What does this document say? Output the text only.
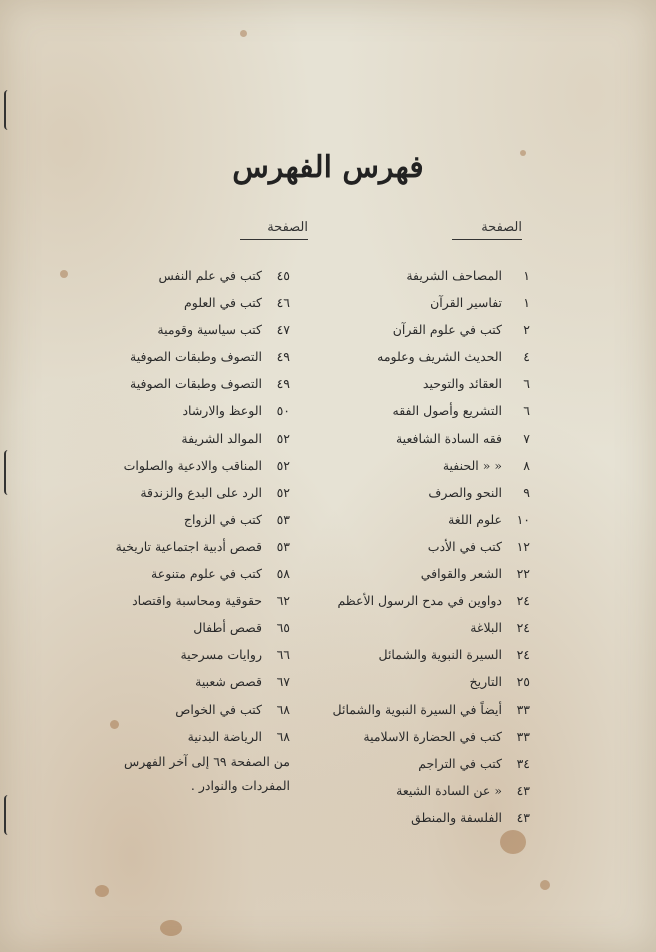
فهرس الفهرس
الصفحة
الصفحة
١
المصاحف الشريفة
١
تفاسير القرآن
٢
كتب في علوم القرآن
٤
الحديث الشريف وعلومه
٦
العقائد والتوحيد
٦
التشريع وأصول الفقه
٧
فقه السادة الشافعية
٨
« « الحنفية
٩
النحو والصرف
١٠
علوم اللغة
١٢
كتب في الأدب
٢٢
الشعر والقوافي
٢٤
دواوين في مدح الرسول الأعظم
٢٤
البلاغة
٢٤
السيرة النبوية والشمائل
٢٥
التاريخ
٣٣
أيضاً في السيرة النبوية والشمائل
٣٣
كتب في الحضارة الاسلامية
٣٤
كتب في التراجم
٤٣
« عن السادة الشيعة
٤٣
الفلسفة والمنطق
٤٥
كتب في علم النفس
٤٦
كتب في العلوم
٤٧
كتب سياسية وقومية
٤٩
التصوف وطبقات الصوفية
٤٩
التصوف وطبقات الصوفية
٥٠
الوعظ والارشاد
٥٢
الموالد الشريفة
٥٢
المناقب والادعية والصلوات
٥٢
الرد على البدع والزندقة
٥٣
كتب في الزواج
٥٣
قصص أدبية اجتماعية تاريخية
٥٨
كتب في علوم متنوعة
٦٢
حقوقية ومحاسبة واقتصاد
٦٥
قصص أطفال
٦٦
روايات مسرحية
٦٧
قصص شعبية
٦٨
كتب في الخواص
٦٨
الرياضة البدنية
من الصفحة ٦٩ إلى آخر الفهرس
المفردات والنوادر .
